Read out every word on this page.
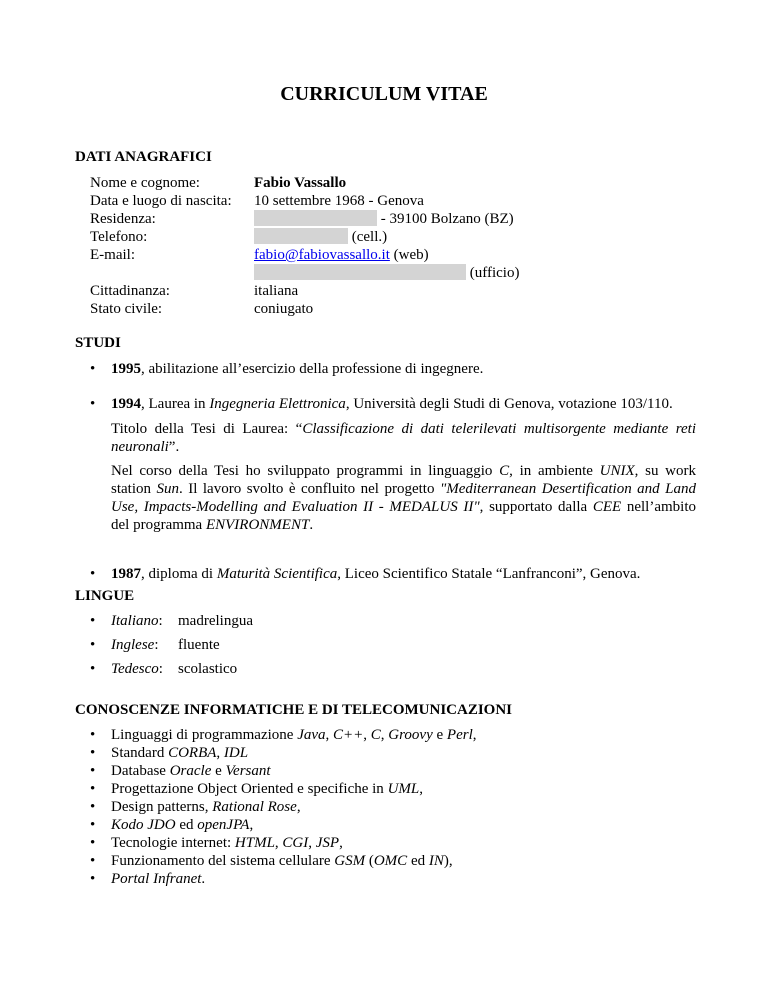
CURRICULUM VITAE
DATI ANAGRAFICI
Nome e cognome:	Fabio Vassallo
Data e luogo di nascita: 10 settembre 1968 - Genova
Residenza:	- 39100 Bolzano (BZ)
Telefono:	(cell.)
E-mail:	fabio@fabiovassallo.it (web)
(ufficio)
Cittadinanza:	italiana
Stato civile:	coniugato
STUDI
• 1995, abilitazione all’esercizio della professione di ingegnere.
• 1994, Laurea in Ingegneria Elettronica, Università degli Studi di Genova, votazione 103/110.
Titolo della Tesi di Laurea: “Classificazione di dati telerilevati multisorgente mediante reti neuronali”.
Nel corso della Tesi ho sviluppato programmi in linguaggio C, in ambiente UNIX, su work station Sun. Il lavoro svolto è confluito nel progetto "Mediterranean Desertification and Land Use, Impacts-Modelling and Evaluation II - MEDALUS II", supportato dalla CEE nell’ambito del programma ENVIRONMENT.
• 1987, diploma di Maturità Scientifica, Liceo Scientifico Statale “Lanfranconi”, Genova.
LINGUE
• Italiano: madrelingua
• Inglese: fluente
• Tedesco: scolastico
CONOSCENZE INFORMATICHE E DI TELECOMUNICAZIONI
• Linguaggi di programmazione Java, C++, C, Groovy e Perl,
• Standard CORBA, IDL
• Database Oracle e Versant
• Progettazione Object Oriented e specifiche in UML,
• Design patterns, Rational Rose,
• Kodo JDO ed openJPA,
• Tecnologie internet: HTML, CGI, JSP,
• Funzionamento del sistema cellulare GSM (OMC ed IN),
• Portal Infranet.
